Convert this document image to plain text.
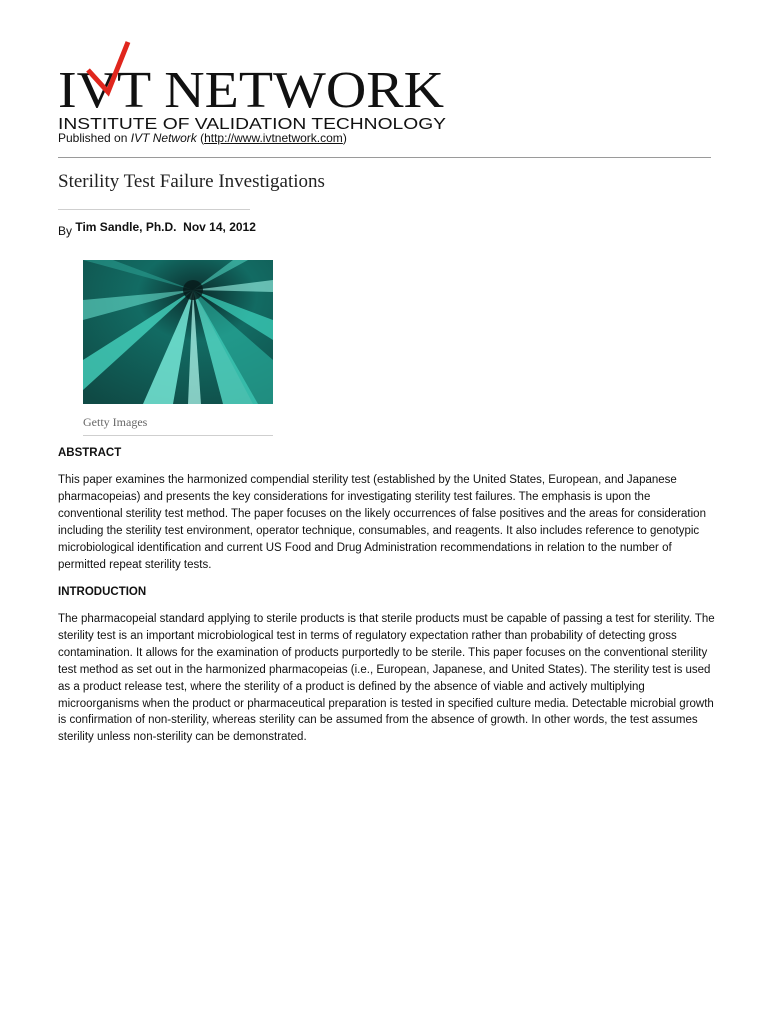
IVT NETWORK
INSTITUTE OF VALIDATION TECHNOLOGY
Published on IVT Network (http://www.ivtnetwork.com)
Sterility Test Failure Investigations
By Tim Sandle, Ph.D. Nov 14, 2012
Getty Images
ABSTRACT
This paper examines the harmonized compendial sterility test (established by the United States, European, and Japanese pharmacopeias) and presents the key considerations for investigating sterility test failures. The emphasis is upon the conventional sterility test method. The paper focuses on the likely occurrences of false positives and the areas for consideration including the sterility test environment, operator technique, consumables, and reagents. It also includes reference to genotypic microbiological identification and current US Food and Drug Administration recommendations in relation to the number of permitted repeat sterility tests.
INTRODUCTION
The pharmacopeial standard applying to sterile products is that sterile products must be capable of passing a test for sterility. The sterility test is an important microbiological test in terms of regulatory expectation rather than probability of detecting gross contamination. It allows for the examination of products purportedly to be sterile. This paper focuses on the conventional sterility test method as set out in the harmonized pharmacopeias (i.e., European, Japanese, and United States). The sterility test is used as a product release test, where the sterility of a product is defined by the absence of viable and actively multiplying microorganisms when the product or pharmaceutical preparation is tested in specified culture media. Detectable microbial growth is confirmation of non-sterility, whereas sterility can be assumed from the absence of growth. In other words, the test assumes sterility unless non-sterility can be demonstrated.
